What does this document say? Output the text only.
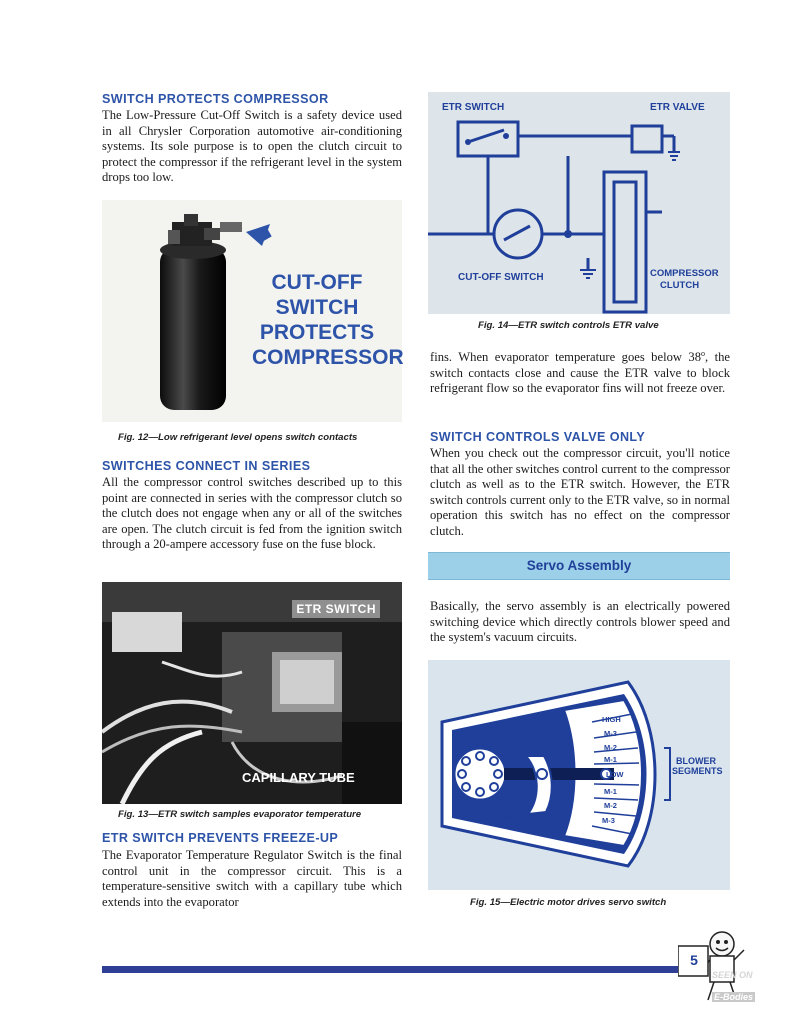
SWITCH PROTECTS COMPRESSOR
The Low-Pressure Cut-Off Switch is a safety device used in all Chrysler Corporation automotive air-conditioning systems. Its sole purpose is to open the clutch circuit to protect the compressor if the refrigerant level in the system drops too low.
CUT-OFF
SWITCH
PROTECTS
COMPRESSOR
Fig. 12—Low refrigerant level opens switch contacts
SWITCHES CONNECT IN SERIES
All the compressor control switches described up to this point are connected in series with the compressor clutch so the clutch does not engage when any or all of the switches are open. The clutch circuit is fed from the ignition switch through a 20-ampere accessory fuse on the fuse block.
ETR SWITCH
CAPILLARY TUBE
Fig. 13—ETR switch samples evaporator temperature
ETR SWITCH PREVENTS FREEZE-UP
The Evaporator Temperature Regulator Switch is the final control unit in the compressor circuit. This is a temperature-sensitive switch with a capillary tube which extends into the evaporator
ETR SWITCH	ETR VALVE
CUT-OFF SWITCH	COMPRESSOR
CLUTCH
Fig. 14—ETR switch controls ETR valve
fins. When evaporator temperature goes below 38$^o$, the switch contacts close and cause the ETR valve to block refrigerant flow so the evaporator fins will not freeze over.
SWITCH CONTROLS VALVE ONLY
When you check out the compressor circuit, you'll notice that all the other switches control current to the compressor clutch as well as to the ETR switch. However, the ETR switch controls current only to the ETR valve, so in normal operation this switch has no effect on the compressor clutch.
Servo Assembly
Basically, the servo assembly is an electrically powered switching device which directly controls blower speed and the system's vacuum circuits.
SWITCH ARM
OUTER
SLIDER
INNER SLIDER
BLOWER
SEGMENTS
HIGH
M-3
M-2
M-1
LOW
M-1
M-2
M-3
Fig. 15—Electric motor drives servo switch
5
SEEN ON
E-Bodies
